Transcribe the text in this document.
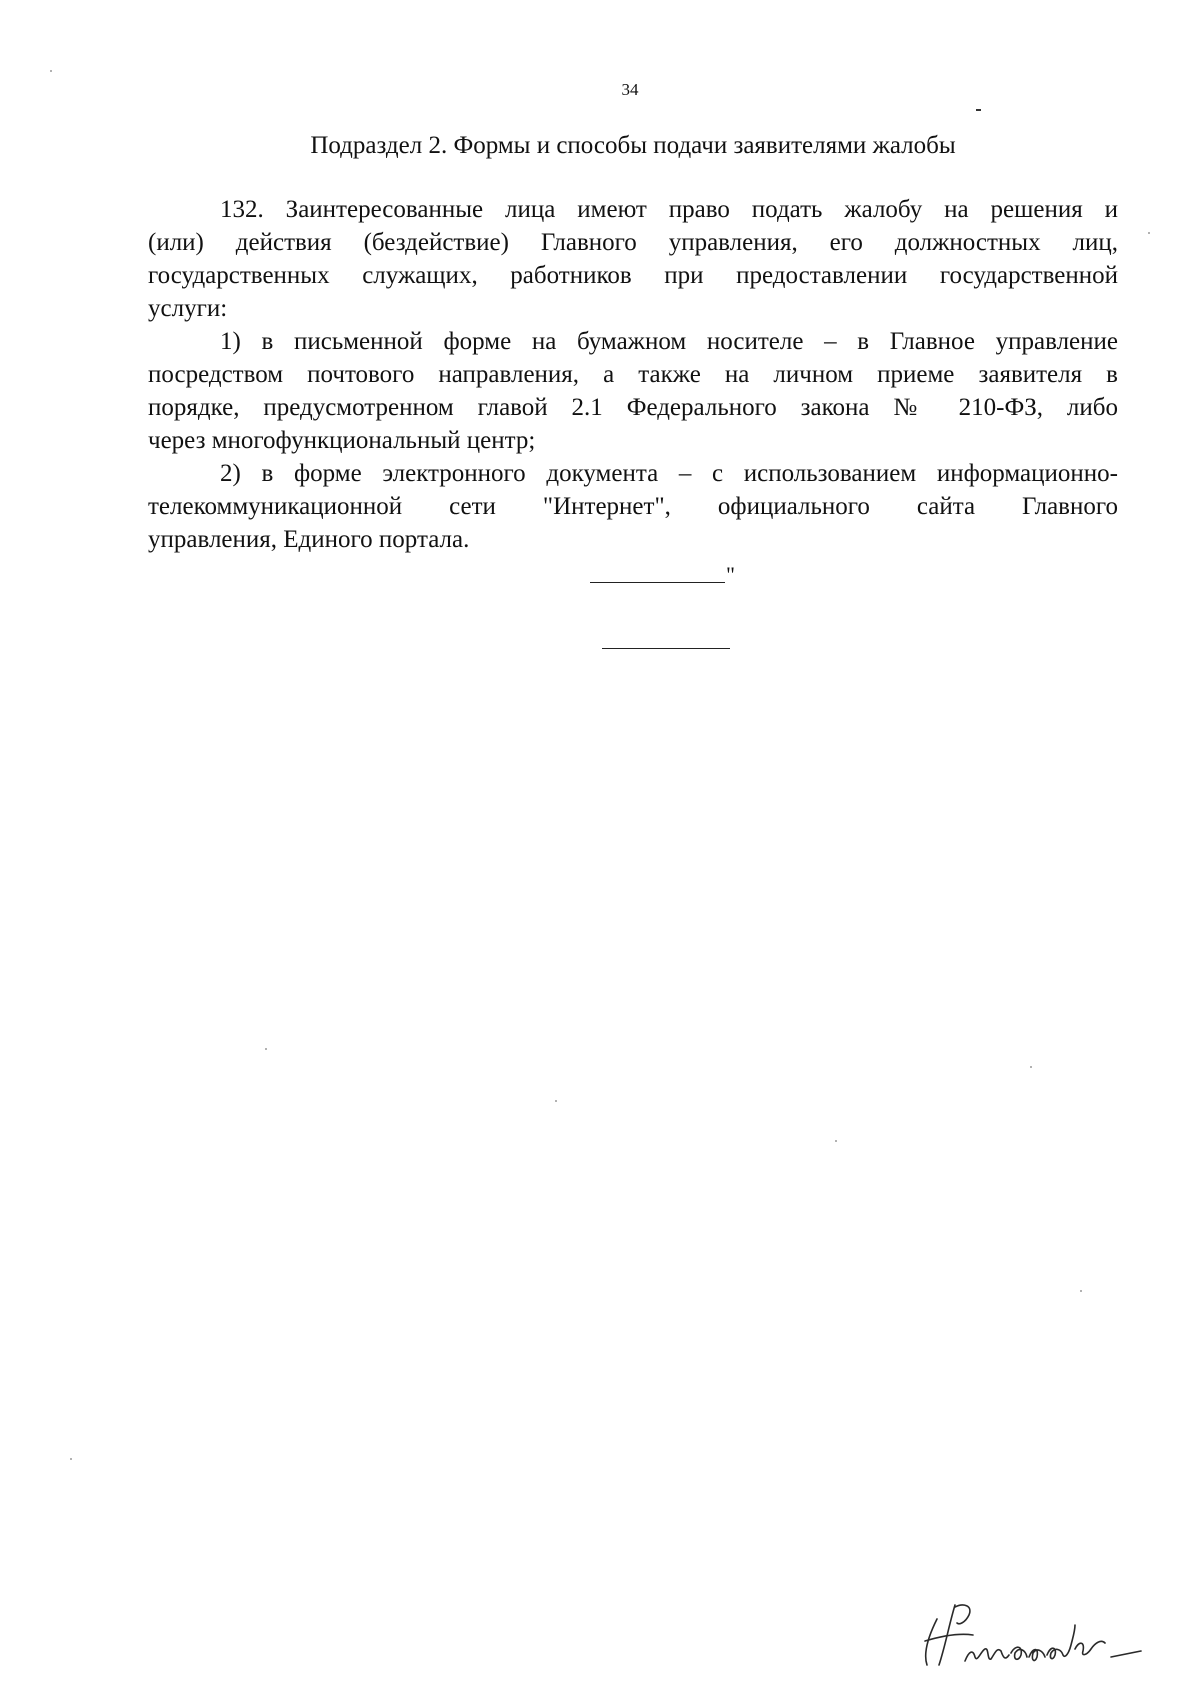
34
Подраздел 2. Формы и способы подачи заявителями жалобы
132. Заинтересованные лица имеют право подать жалобу на решения и
(или) действия (бездействие) Главного управления, его должностных лиц,
государственных служащих, работников при предоставлении государственной
услуги:
1) в письменной форме на бумажном носителе – в Главное управление
посредством почтового направления, а также на личном приеме заявителя в
порядке, предусмотренном главой 2.1 Федерального закона № 210-ФЗ, либо
через многофункциональный центр;
2) в форме электронного документа – с использованием информационно-
телекоммуникационной сети "Интернет", официального сайта Главного
управления, Единого портала.
"
